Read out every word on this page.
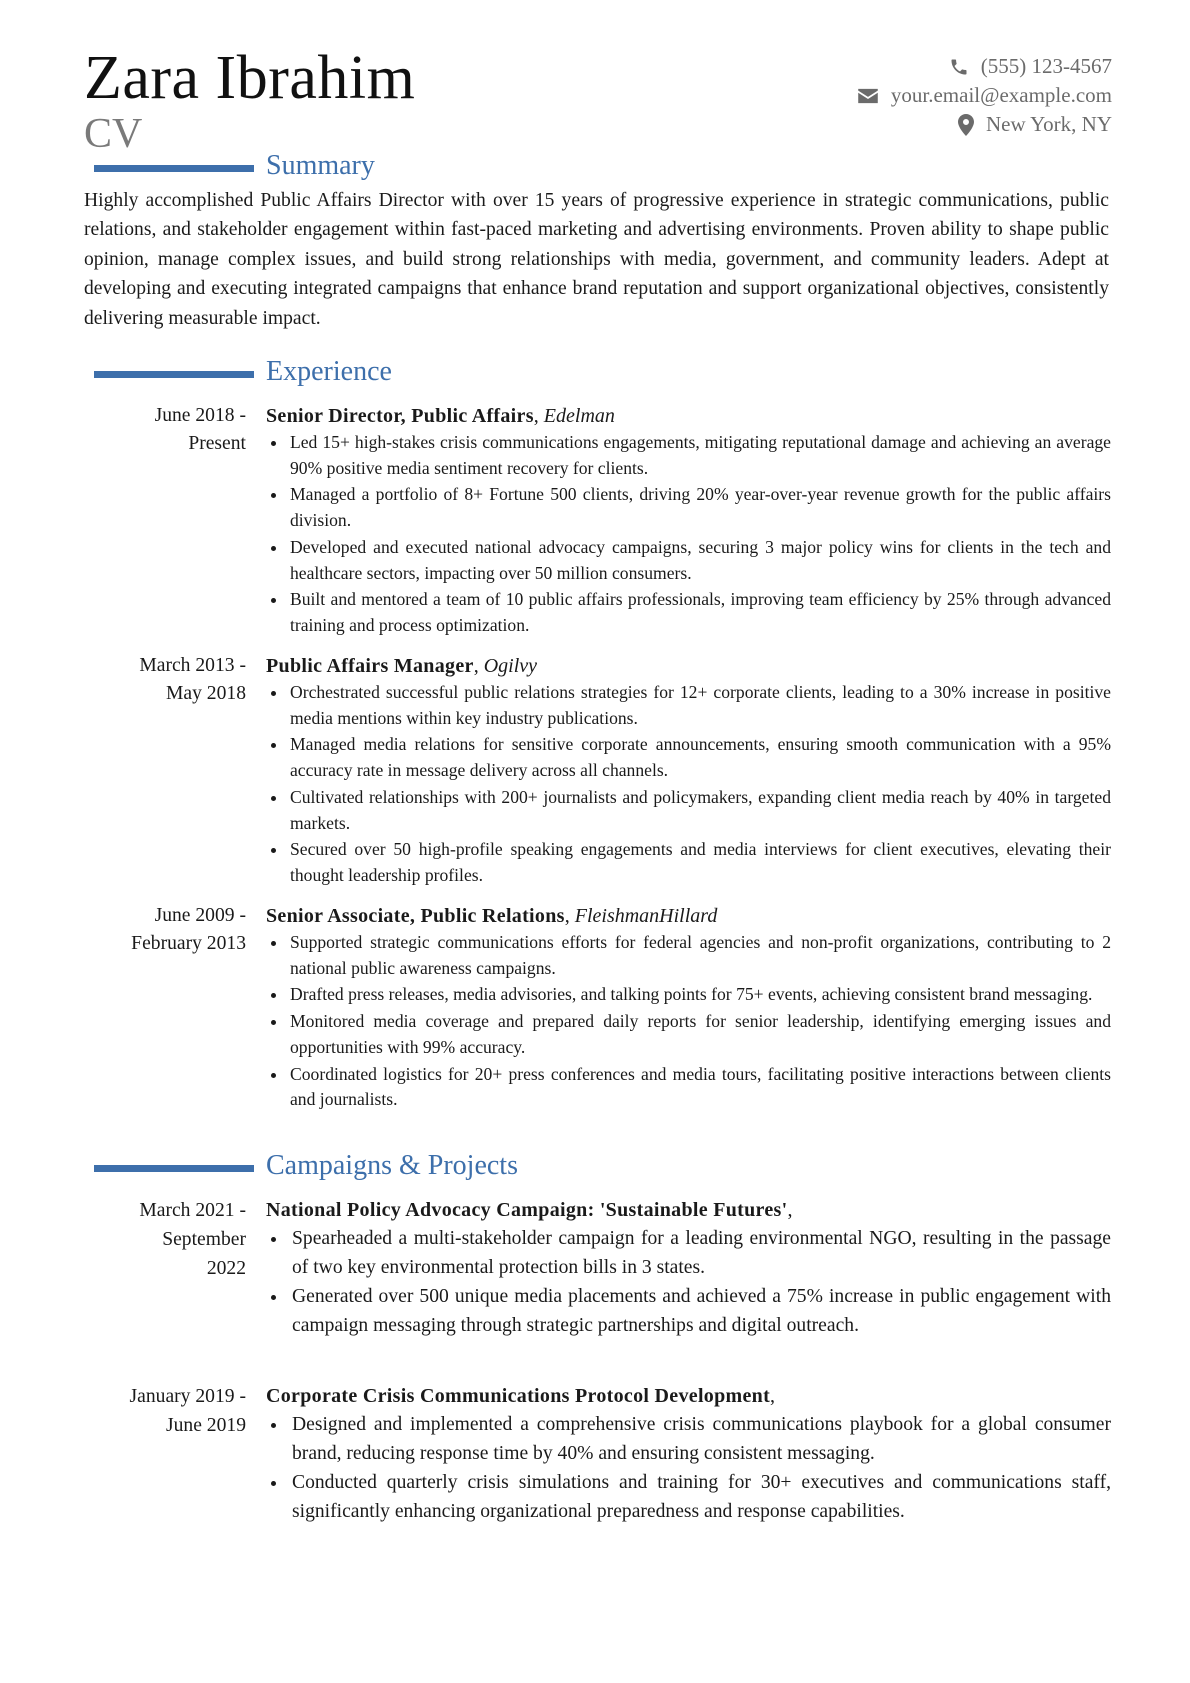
Zara Ibrahim
CV
(555) 123-4567
your.email@example.com
New York, NY
Summary
Highly accomplished Public Affairs Director with over 15 years of progressive experience in strategic communications, public relations, and stakeholder engagement within fast-paced marketing and advertising environments. Proven ability to shape public opinion, manage complex issues, and build strong relationships with media, government, and community leaders. Adept at developing and executing integrated campaigns that enhance brand reputation and support organizational objectives, consistently delivering measurable impact.
Experience
June 2018 -
Present
Senior Director, Public Affairs, Edelman
Led 15+ high-stakes crisis communications engagements, mitigating reputational damage and achieving an average 90% positive media sentiment recovery for clients.
Managed a portfolio of 8+ Fortune 500 clients, driving 20% year-over-year revenue growth for the public affairs division.
Developed and executed national advocacy campaigns, securing 3 major policy wins for clients in the tech and healthcare sectors, impacting over 50 million consumers.
Built and mentored a team of 10 public affairs professionals, improving team efficiency by 25% through advanced training and process optimization.
March 2013 -
May 2018
Public Affairs Manager, Ogilvy
Orchestrated successful public relations strategies for 12+ corporate clients, leading to a 30% increase in positive media mentions within key industry publications.
Managed media relations for sensitive corporate announcements, ensuring smooth communication with a 95% accuracy rate in message delivery across all channels.
Cultivated relationships with 200+ journalists and policymakers, expanding client media reach by 40% in targeted markets.
Secured over 50 high-profile speaking engagements and media interviews for client executives, elevating their thought leadership profiles.
June 2009 -
February 2013
Senior Associate, Public Relations, FleishmanHillard
Supported strategic communications efforts for federal agencies and non-profit organizations, contributing to 2 national public awareness campaigns.
Drafted press releases, media advisories, and talking points for 75+ events, achieving consistent brand messaging.
Monitored media coverage and prepared daily reports for senior leadership, identifying emerging issues and opportunities with 99% accuracy.
Coordinated logistics for 20+ press conferences and media tours, facilitating positive interactions between clients and journalists.
Campaigns & Projects
March 2021 -
September 2022
National Policy Advocacy Campaign: 'Sustainable Futures',
Spearheaded a multi-stakeholder campaign for a leading environmental NGO, resulting in the passage of two key environmental protection bills in 3 states.
Generated over 500 unique media placements and achieved a 75% increase in public engagement with campaign messaging through strategic partnerships and digital outreach.
January 2019 -
June 2019
Corporate Crisis Communications Protocol Development,
Designed and implemented a comprehensive crisis communications playbook for a global consumer brand, reducing response time by 40% and ensuring consistent messaging.
Conducted quarterly crisis simulations and training for 30+ executives and communications staff, significantly enhancing organizational preparedness and response capabilities.
